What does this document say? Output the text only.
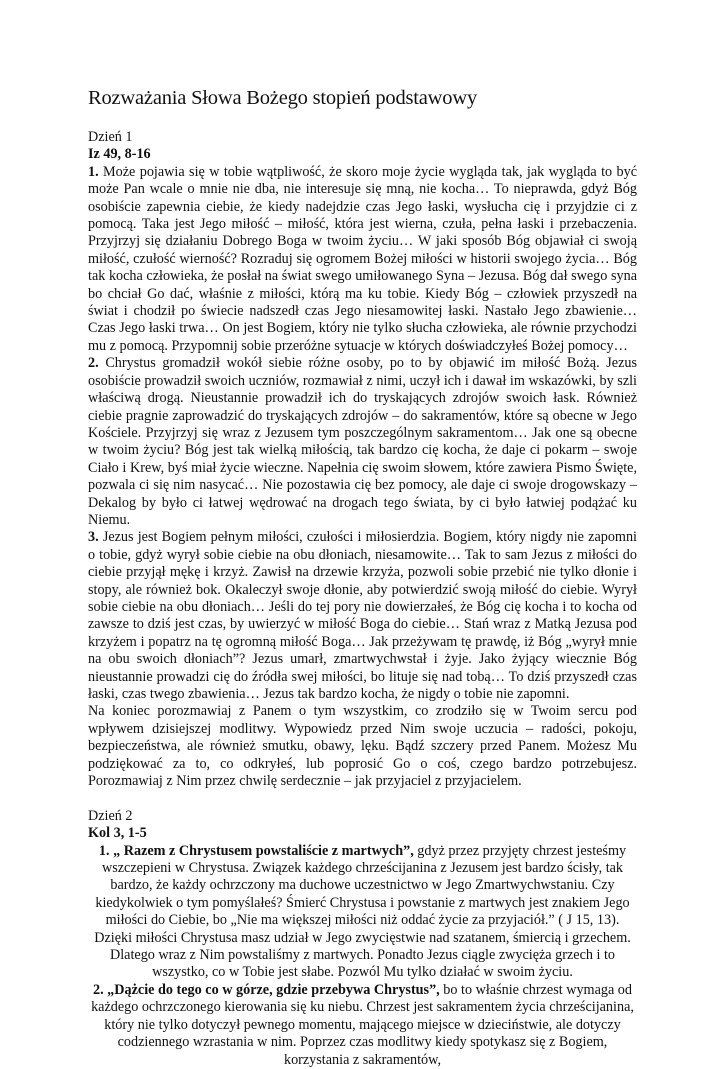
Rozważania Słowa Bożego stopień podstawowy
Dzień 1
Iz 49, 8-16

1. Może pojawia się w tobie wątpliwość, że skoro moje życie wygląda tak, jak wygląda to być może Pan wcale o mnie nie dba, nie interesuje się mną, nie kocha… To nieprawda, gdyż Bóg osobiście zapewnia ciebie, że kiedy nadejdzie czas Jego łaski, wysłucha cię i przyjdzie ci z pomocą. Taka jest Jego miłość – miłość, która jest wierna, czuła, pełna łaski i przebaczenia. Przyjrzyj się działaniu Dobrego Boga w twoim życiu… W jaki sposób Bóg objawiał ci swoją miłość, czułość wierność? Rozraduj się ogromem Bożej miłości w historii swojego życia… Bóg tak kocha człowieka, że posłał na świat swego umiłowanego Syna – Jezusa. Bóg dał swego syna bo chciał Go dać, właśnie z miłości, którą ma ku tobie. Kiedy Bóg – człowiek przyszedł na świat i chodził po świecie nadszedł czas Jego niesamowitej łaski. Nastało Jego zbawienie… Czas Jego łaski trwa… On jest Bogiem, który nie tylko słucha człowieka, ale równie przychodzi mu z pomocą. Przypomnij sobie przeróżne sytuacje w których doświadczyłeś Bożej pomocy…

2. Chrystus gromadził wokół siebie różne osoby, po to by objawić im miłość Bożą. Jezus osobiście prowadził swoich uczniów, rozmawiał z nimi, uczył ich i dawał im wskazówki, by szli właściwą drogą. Nieustannie prowadził ich do tryskających zdrojów swoich łask. Również ciebie pragnie zaprowadzić do tryskających zdrojów – do sakramentów, które są obecne w Jego Kościele. Przyjrzyj się wraz z Jezusem tym poszczególnym sakramentom… Jak one są obecne w twoim życiu? Bóg jest tak wielką miłością, tak bardzo cię kocha, że daje ci pokarm – swoje Ciało i Krew, byś miał życie wieczne. Napełnia cię swoim słowem, które zawiera Pismo Święte, pozwala ci się nim nasycać… Nie pozostawia cię bez pomocy, ale daje ci swoje drogowskazy – Dekalog by było ci łatwej wędrować na drogach tego świata, by ci było łatwiej podążać ku Niemu.

3. Jezus jest Bogiem pełnym miłości, czułości i miłosierdzia. Bogiem, który nigdy nie zapomni o tobie, gdyż wyrył sobie ciebie na obu dłoniach, niesamowite… Tak to sam Jezus z miłości do ciebie przyjął mękę i krzyż. Zawisł na drzewie krzyża, pozwoli sobie przebić nie tylko dłonie i stopy, ale również bok. Okaleczył swoje dłonie, aby potwierdzić swoją miłość do ciebie. Wyrył sobie ciebie na obu dłoniach… Jeśli do tej pory nie dowierzałeś, że Bóg cię kocha i to kocha od zawsze to dziś jest czas, by uwierzyć w miłość Boga do ciebie… Stań wraz z Matką Jezusa pod krzyżem i popatrz na tę ogromną miłość Boga… Jak przeżywam tę prawdę, iż Bóg „wyrył mnie na obu swoich dłoniach”? Jezus umarł, zmartwychwstał i żyje. Jako żyjący wiecznie Bóg nieustannie prowadzi cię do źródła swej miłości, bo lituje się nad tobą… To dziś przyszedł czas łaski, czas twego zbawienia… Jezus tak bardzo kocha, że nigdy o tobie nie zapomni.

Na koniec porozmawiaj z Panem o tym wszystkim, co zrodziło się w Twoim sercu pod wpływem dzisiejszej modlitwy. Wypowiedz przed Nim swoje uczucia – radości, pokoju, bezpieczeństwa, ale również smutku, obawy, lęku. Bądź szczery przed Panem. Możesz Mu podziękować za to, co odkryłeś, lub poprosić Go o coś, czego bardzo potrzebujesz. Porozmawiaj z Nim przez chwilę serdecznie – jak przyjaciel z przyjacielem.

Dzień 2
Kol 3, 1-5

1. „ Razem z Chrystusem powstaliście z martwych”, gdyż przez przyjęty chrzest jesteśmy wszczepieni w Chrystusa. Związek każdego chrześcijanina z Jezusem jest bardzo ścisły, tak bardzo, że każdy ochrzczony ma duchowe uczestnictwo w Jego Zmartwychwstaniu. Czy kiedykolwiek o tym pomyślałeś? Śmierć Chrystusa i powstanie z martwych jest znakiem Jego miłości do Ciebie, bo „Nie ma większej miłości niż oddać życie za przyjaciół.” ( J 15, 13). Dzięki miłości Chrystusa masz udział w Jego zwycięstwie nad szatanem, śmiercią i grzechem. Dlatego wraz z Nim powstaliśmy z martwych. Ponadto Jezus ciągle zwycięża grzech i to wszystko, co w Tobie jest słabe. Pozwól Mu tylko działać w swoim życiu.

2. „Dążcie do tego co w górze, gdzie przebywa Chrystus”, bo to właśnie chrzest wymaga od każdego ochrzczonego kierowania się ku niebu. Chrzest jest sakramentem życia chrześcijanina, który nie tylko dotyczył pewnego momentu, mającego miejsce w dzieciństwie, ale dotyczy codziennego wzrastania w nim. Poprzez czas modlitwy kiedy spotykasz się z Bogiem, korzystania z sakramentów,
